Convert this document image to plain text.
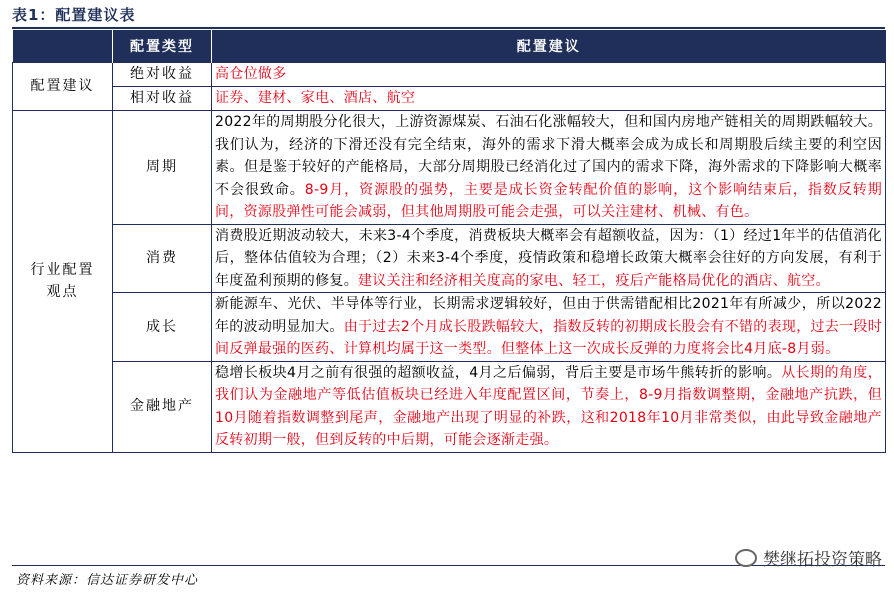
表1：配置建议表
	配置类型	配置建议
配置建议	绝对收益	高仓位做多
	相对收益	证券、建材、家电、酒店、航空
行业配置观点	周期	2022年的周期股分化很大，上游资源煤炭、石油石化涨幅较大，但和国内房地产链相关的周期跌幅较大。我们认为，经济的下滑还没有完全结束，海外的需求下滑大概率会成为成长和周期股后续主要的利空因素。但是鉴于较好的产能格局，大部分周期股已经消化过了国内的需求下降，海外需求的下降影响大概率不会很致命。8-9月，资源股的强势，主要是成长资金转配价值的影响，这个影响结束后，指数反转期间，资源股弹性可能会减弱，但其他周期股可能会走强，可以关注建材、机械、有色。
	消费	消费股近期波动较大，未来3-4个季度，消费板块大概率会有超额收益，因为：（1）经过1年半的估值消化后，整体估值较为合理；（2）未来3-4个季度，疫情政策和稳增长政策大概率会往好的方向发展，有利于年度盈利预期的修复。建议关注和经济相关度高的家电、轻工，疫后产能格局优化的酒店、航空。
	成长	新能源车、光伏、半导体等行业，长期需求逻辑较好，但由于供需错配相比2021年有所减少，所以2022年的波动明显加大。由于过去2个月成长股跌幅较大，指数反转的初期成长股会有不错的表现，过去一段时间反弹最强的医药、计算机均属于这一类型。但整体上这一次成长反弹的力度将会比4月底-8月弱。
	金融地产	稳增长板块4月之前有很强的超额收益，4月之后偏弱，背后主要是市场牛熊转折的影响。从长期的角度，我们认为金融地产等低估值板块已经进入年度配置区间，节奏上，8-9月指数调整期，金融地产抗跌，但10月随着指数调整到尾声，金融地产出现了明显的补跌，这和2018年10月非常类似，由此导致金融地产反转初期一般，但到反转的中后期，可能会逐渐走强。
资料来源：信达证券研发中心
樊继拓投资策略
